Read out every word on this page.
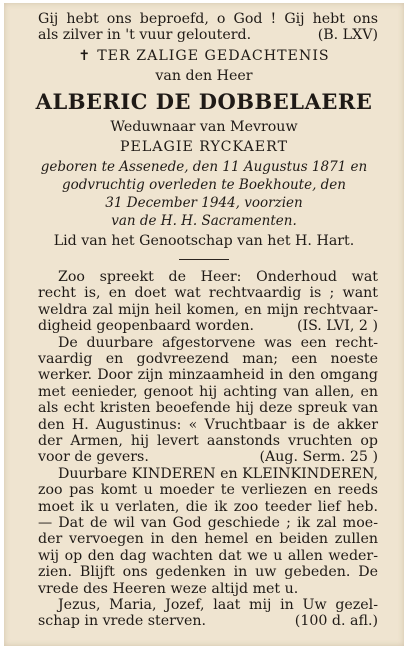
Gij hebt ons beproefd, o God ! Gij hebt ons
als zilver in 't vuur gelouterd.	(B. LXV)
✝ TER ZALIGE GEDACHTENIS
van den Heer
ALBERIC DE DOBBELAERE
Weduwnaar van Mevrouw
PELAGIE RYCKAERT
geboren te Assenede, den 11 Augustus 1871 en
godvruchtig overleden te Boekhoute, den
31 December 1944, voorzien
van de H. H. Sacramenten.
Lid van het Genootschap van het H. Hart.
Zoo spreekt de Heer: Onderhoud wat
recht is, en doet wat rechtvaardig is ; want
weldra zal mijn heil komen, en mijn rechtvaar-
digheid geopenbaard worden.	(IS. LVI, 2 )
De duurbare afgestorvene was een recht-
vaardig en godvreezend man; een noeste
werker. Door zijn minzaamheid in den omgang
met eenieder, genoot hij achting van allen, en
als echt kristen beoefende hij deze spreuk van
den H. Augustinus: « Vruchtbaar is de akker
der Armen, hij levert aanstonds vruchten op
voor de gevers.	(Aug. Serm. 25 )
Duurbare KINDEREN en KLEINKINDEREN,
zoo pas komt u moeder te verliezen en reeds
moet ik u verlaten, die ik zoo teeder lief heb.
— Dat de wil van God geschiede ; ik zal moe-
der vervoegen in den hemel en beiden zullen
wij op den dag wachten dat we u allen weder-
zien. Blijft ons gedenken in uw gebeden. De
vrede des Heeren weze altijd met u.
Jezus, Maria, Jozef, laat mij in Uw gezel-
schap in vrede sterven.	(100 d. afl.)
